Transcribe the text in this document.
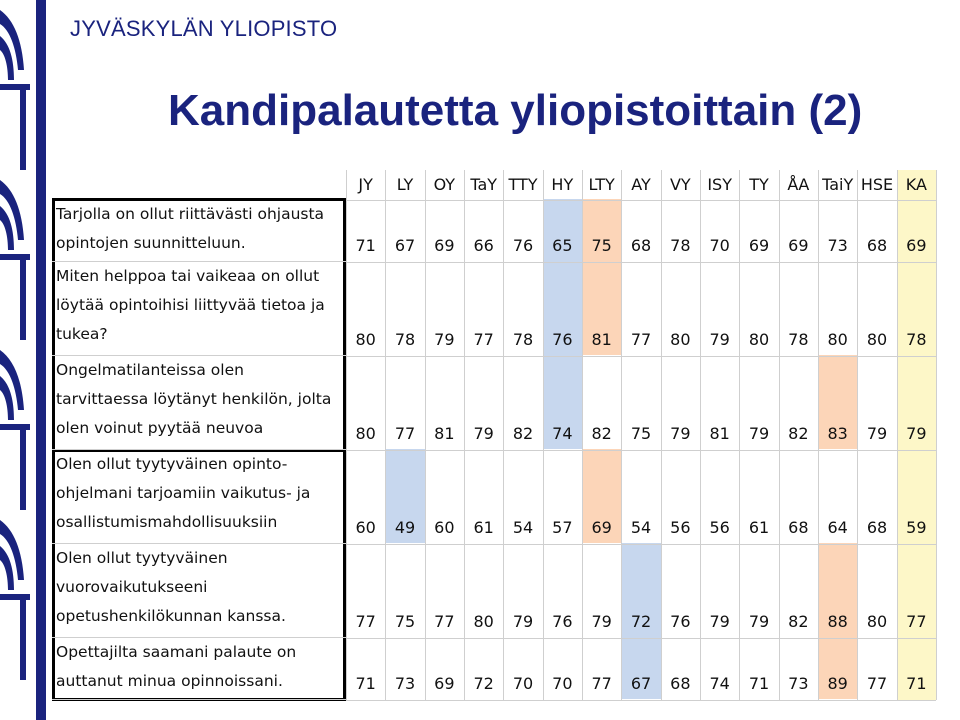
JYVÄSKYLÄN YLIOPISTO
Kandipalautetta yliopistoittain (2)
JY	LY	OY TaY TTY HY LTY	AY	VY	ISY	TY	ÅA TaiY HSE KA
Tarjolla on ollut riittävästi ohjausta
opintojen suunnitteluun.	71	67	69	66	76	65	75	68	78	70	69	69	73	68	69
Miten helppoa tai vaikeaa on ollut
löytää opintoihisi liittyvää tietoa ja
tukea?	80	78	79	77	78	76	81	77	80	79	80	78	80	80	78
Ongelmatilanteissa olen
tarvittaessa löytänyt henkilön, jolta
olen voinut pyytää neuvoa	80	77	81	79	82	74	82	75	79	81	79	82	83	79	79
Olen ollut tyytyväinen opinto-
ohjelmani tarjoamiin vaikutus- ja
osallistumismahdollisuuksiin	60	49	60	61	54	57	69	54	56	56	61	68	64	68	59
Olen ollut tyytyväinen
vuorovaikutukseeni
opetushenkilökunnan kanssa.	77	75	77	80	79	76	79	72	76	79	79	82	88	80	77
Opettajilta saamani palaute on
auttanut minua opinnoissani.	71	73	69	72	70	70	77	67	68	74	71	73	89	77	71
